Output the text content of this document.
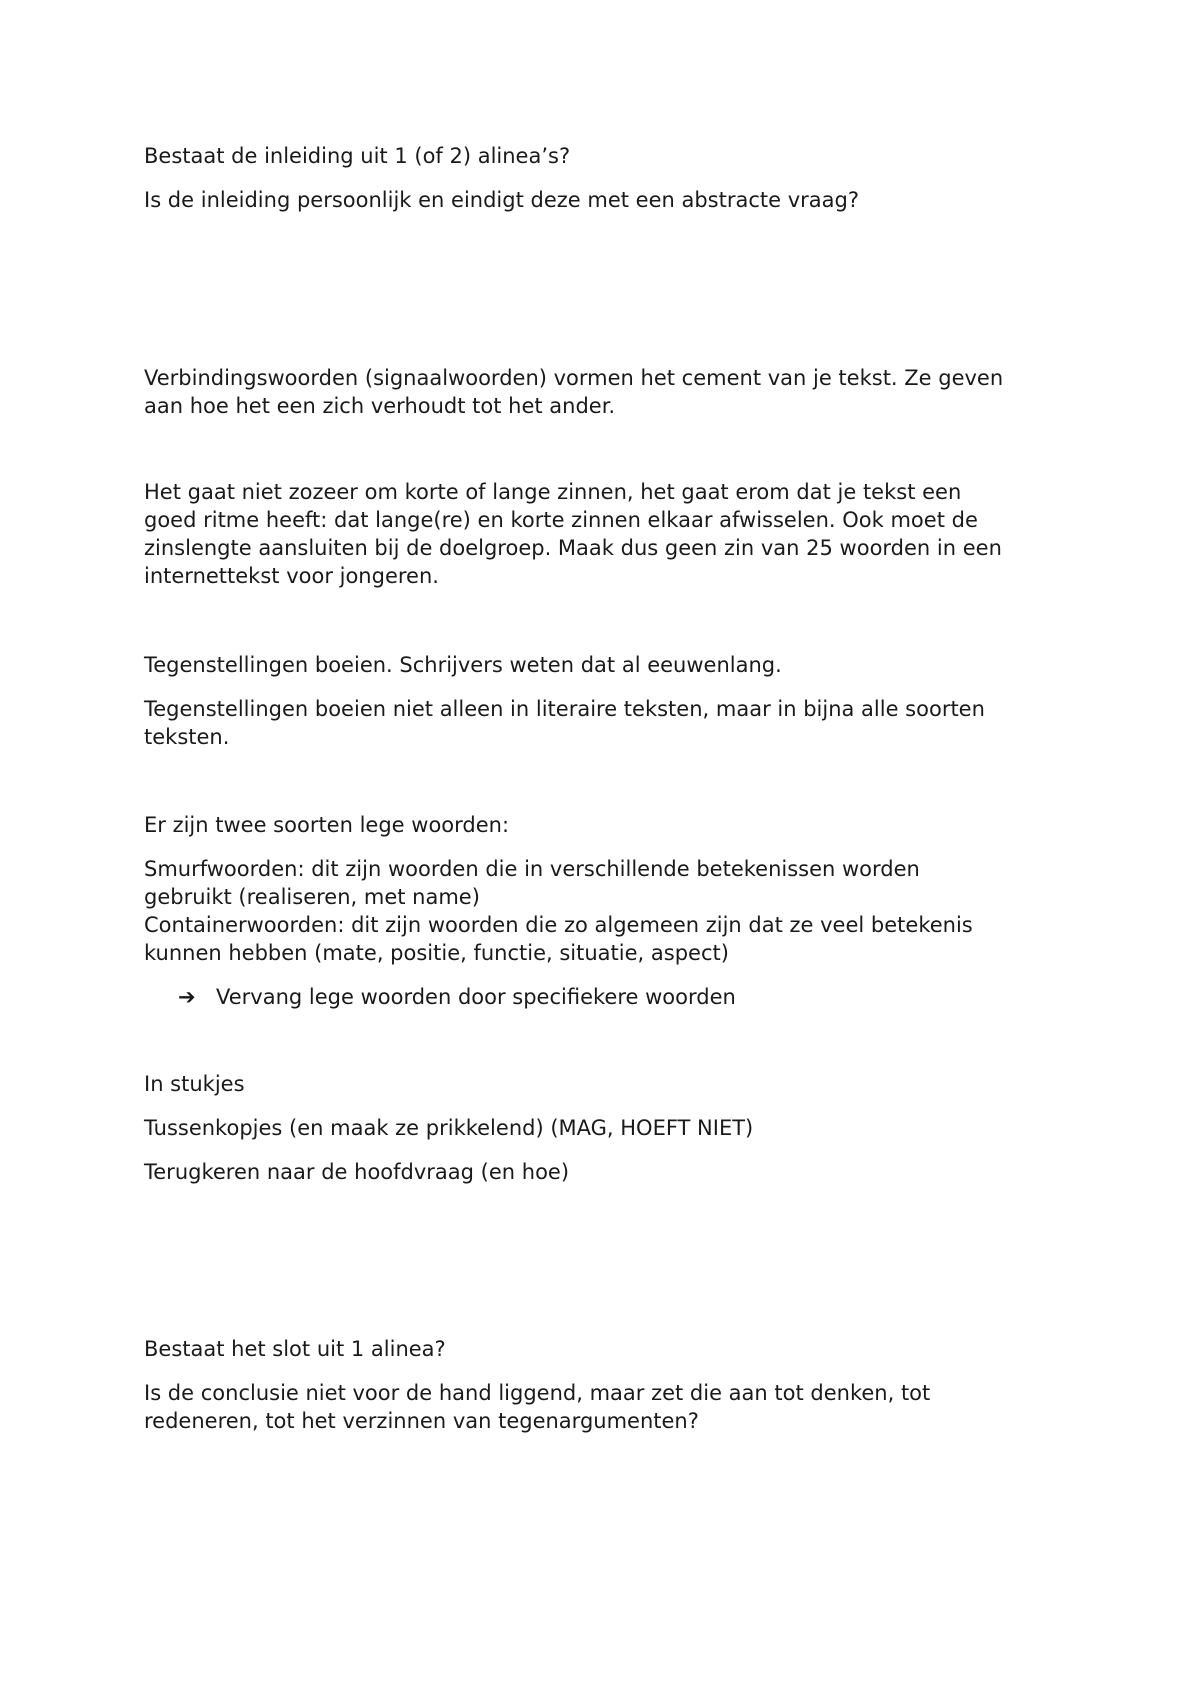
Bestaat de inleiding uit 1 (of 2) alinea’s?

Is de inleiding persoonlijk en eindigt deze met een abstracte vraag?

Verbindingswoorden (signaalwoorden) vormen het cement van je tekst. Ze geven

aan hoe het een zich verhoudt tot het ander.

Het gaat niet zozeer om korte of lange zinnen, het gaat erom dat je tekst een

goed ritme heeft: dat lange(re) en korte zinnen elkaar afwisselen. Ook moet de

zinslengte aansluiten bij de doelgroep. Maak dus geen zin van 25 woorden in een

internettekst voor jongeren.

Tegenstellingen boeien. Schrijvers weten dat al eeuwenlang.

Tegenstellingen boeien niet alleen in literaire teksten, maar in bijna alle soorten

teksten.

Er zijn twee soorten lege woorden:

Smurfwoorden: dit zijn woorden die in verschillende betekenissen worden

gebruikt (realiseren, met name)

Containerwoorden: dit zijn woorden die zo algemeen zijn dat ze veel betekenis

kunnen hebben (mate, positie, functie, situatie, aspect)

➔ Vervang lege woorden door specifiekere woorden

In stukjes

Tussenkopjes (en maak ze prikkelend) (MAG, HOEFT NIET)

Terugkeren naar de hoofdvraag (en hoe)

Bestaat het slot uit 1 alinea?

Is de conclusie niet voor de hand liggend, maar zet die aan tot denken, tot

redeneren, tot het verzinnen van tegenargumenten?
